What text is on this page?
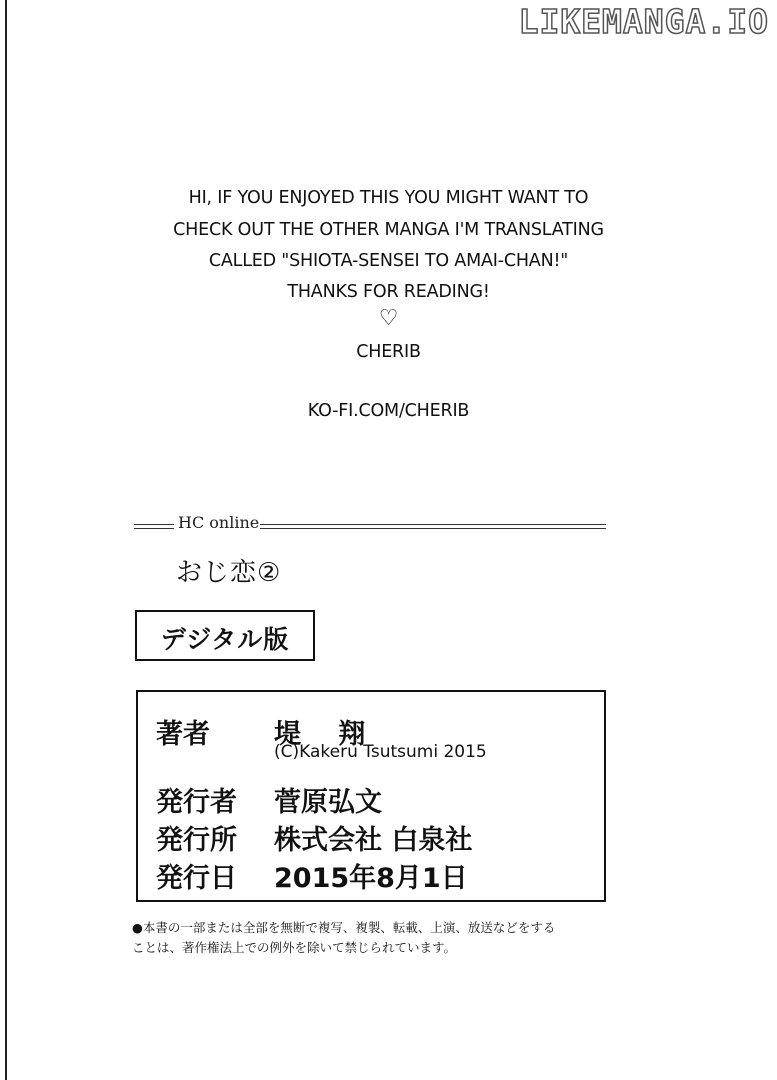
LIKEMANGA.IO
HI, IF YOU ENJOYED THIS YOU MIGHT WANT TO
CHECK OUT THE OTHER MANGA I'M TRANSLATING
CALLED "SHIOTA-SENSEI TO AMAI-CHAN!"
THANKS FOR READING!
♡
CHERIB
KO-FI.COM/CHERIB
HC online
おじ恋②
デジタル版
著者 堤 翔
(C)Kakeru Tsutsumi 2015
発行者 菅原弘文
発行所 株式会社 白泉社
発行日 2015年8月1日
●本書の一部または全部を無断で複写、複製、転載、上演、放送などをする
ことは、著作権法上での例外を除いて禁じられています。
